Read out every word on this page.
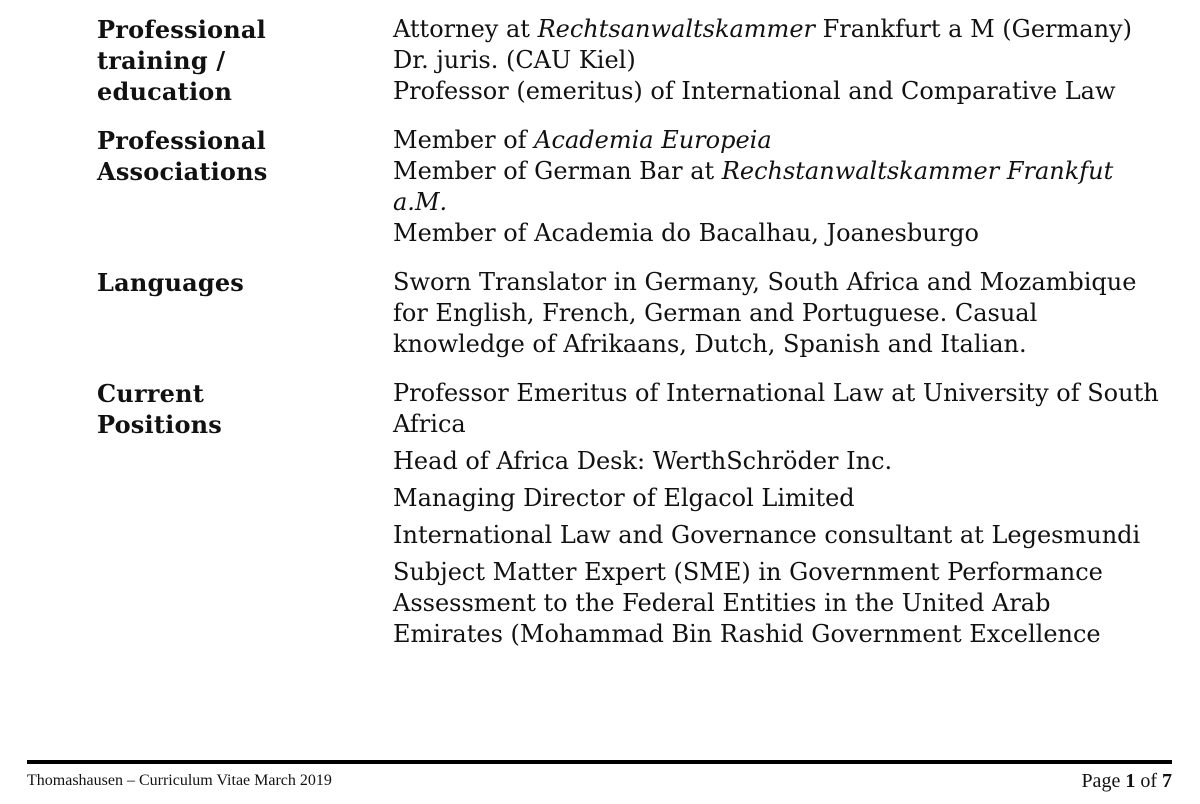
Professional
training /
education
Attorney at Rechtsanwaltskammer Frankfurt a M (Germany)
Dr. juris. (CAU Kiel)
Professor (emeritus) of International and Comparative Law
Professional
Associations
Member of Academia Europeia
Member of German Bar at Rechstanwaltskammer Frankfut
a.M.
Member of Academia do Bacalhau, Joanesburgo
Languages	Sworn Translator in Germany, South Africa and Mozambique
for English, French, German and Portuguese. Casual
knowledge of Afrikaans, Dutch, Spanish and Italian.
Current
Positions
Professor Emeritus of International Law at University of South
Africa
Head of Africa Desk: WerthSchröder Inc.
Managing Director of Elgacol Limited
International Law and Governance consultant at Legesmundi
Subject Matter Expert (SME) in Government Performance
Assessment to the Federal Entities in the United Arab
Emirates (Mohammad Bin Rashid Government Excellence
Thomashausen – Curriculum Vitae March 2019	Page 1 of 7
